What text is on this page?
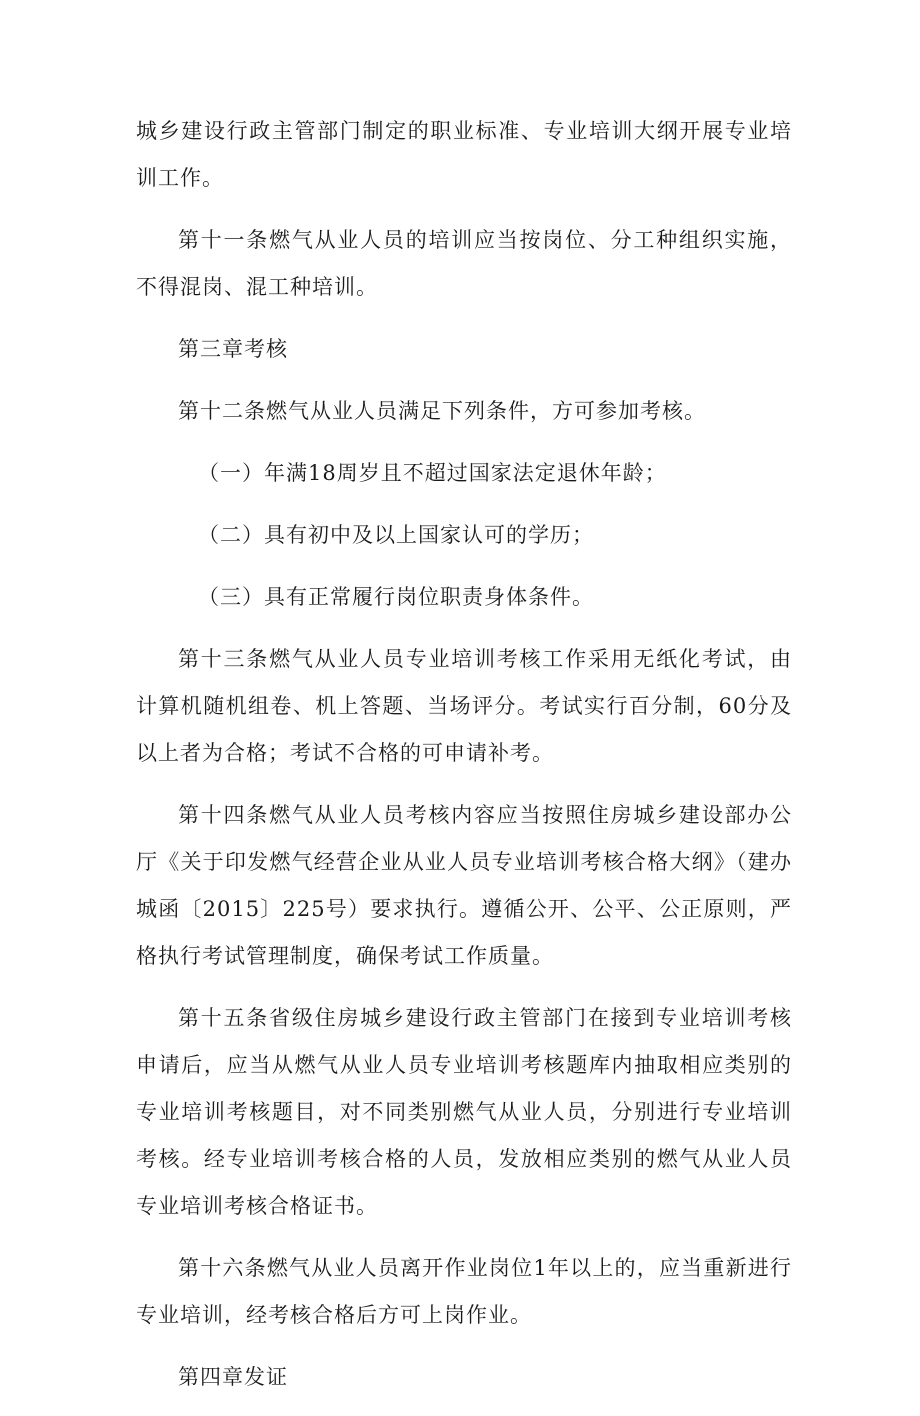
城乡建设行政主管部门制定的职业标准、专业培训大纲开展专业培训工作。

第十一条燃气从业人员的培训应当按岗位、分工种组织实施，不得混岗、混工种培训。

第三章考核

第十二条燃气从业人员满足下列条件，方可参加考核。

（一）年满18周岁且不超过国家法定退休年龄；

（二）具有初中及以上国家认可的学历；

（三）具有正常履行岗位职责身体条件。

第十三条燃气从业人员专业培训考核工作采用无纸化考试，由计算机随机组卷、机上答题、当场评分。考试实行百分制，60分及以上者为合格；考试不合格的可申请补考。

第十四条燃气从业人员考核内容应当按照住房城乡建设部办公厅《关于印发燃气经营企业从业人员专业培训考核合格大纲》（建办城函〔2015〕225号）要求执行。遵循公开、公平、公正原则，严格执行考试管理制度，确保考试工作质量。

第十五条省级住房城乡建设行政主管部门在接到专业培训考核申请后，应当从燃气从业人员专业培训考核题库内抽取相应类别的专业培训考核题目，对不同类别燃气从业人员，分别进行专业培训考核。经专业培训考核合格的人员，发放相应类别的燃气从业人员专业培训考核合格证书。

第十六条燃气从业人员离开作业岗位1年以上的，应当重新进行专业培训，经考核合格后方可上岗作业。

第四章发证
